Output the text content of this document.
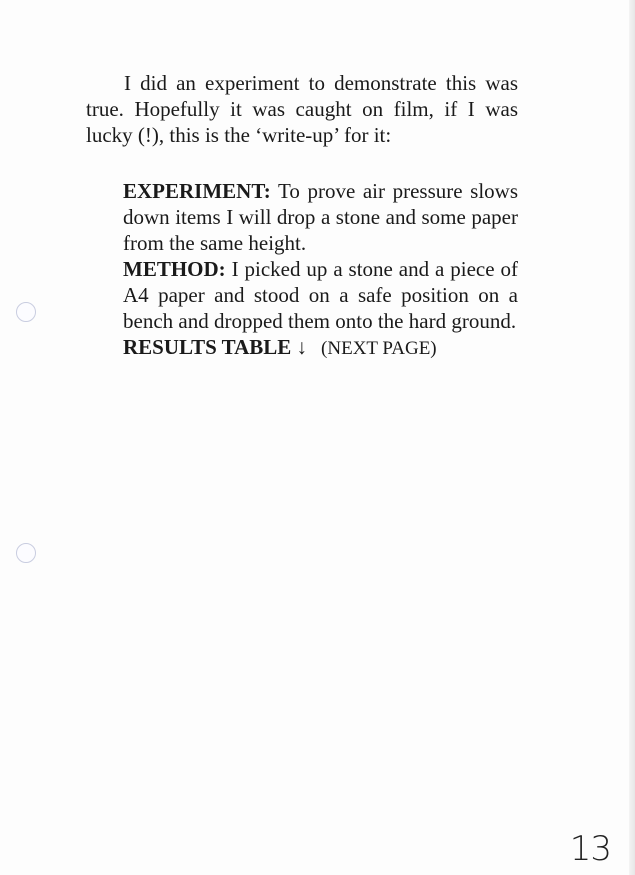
I did an experiment to demonstrate this was true. Hopefully it was caught on film, if I was lucky (!), this is the ‘write-up’ for it:

EXPERIMENT: To prove air pressure slows down items I will drop a stone and some paper from the same height.

METHOD: I picked up a stone and a piece of A4 paper and stood on a safe position on a bench and dropped them onto the hard ground.

RESULTS TABLE ↓ (NEXT PAGE)

13
